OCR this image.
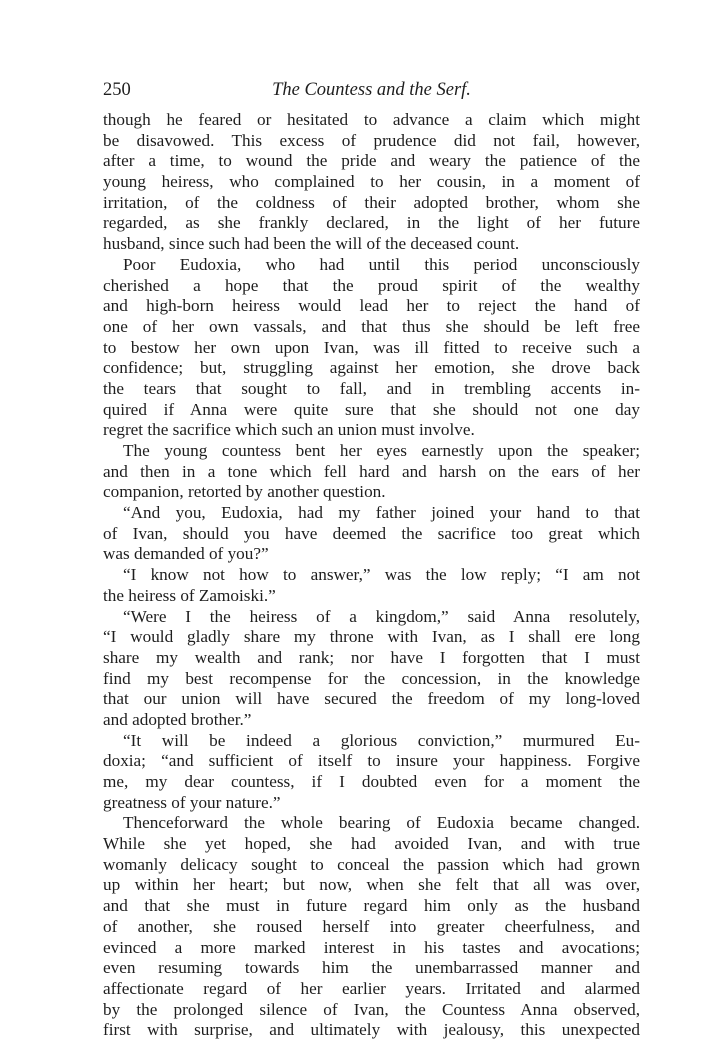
250	The Countess and the Serf.
though he feared or hesitated to advance a claim which might
be disavowed. This excess of prudence did not fail, however,
after a time, to wound the pride and weary the patience of the
young heiress, who complained to her cousin, in a moment of
irritation, of the coldness of their adopted brother, whom she
regarded, as she frankly declared, in the light of her future
husband, since such had been the will of the deceased count.
Poor Eudoxia, who had until this period unconsciously
cherished a hope that the proud spirit of the wealthy
and high-born heiress would lead her to reject the hand of
one of her own vassals, and that thus she should be left free
to bestow her own upon Ivan, was ill fitted to receive such a
confidence; but, struggling against her emotion, she drove back
the tears that sought to fall, and in trembling accents in-
quired if Anna were quite sure that she should not one day
regret the sacrifice which such an union must involve.
The young countess bent her eyes earnestly upon the speaker;
and then in a tone which fell hard and harsh on the ears of her
companion, retorted by another question.
“And you, Eudoxia, had my father joined your hand to that
of Ivan, should you have deemed the sacrifice too great which
was demanded of you?”
“I know not how to answer,” was the low reply; “I am not
the heiress of Zamoiski.”
“Were I the heiress of a kingdom,” said Anna resolutely,
“I would gladly share my throne with Ivan, as I shall ere long
share my wealth and rank; nor have I forgotten that I must
find my best recompense for the concession, in the knowledge
that our union will have secured the freedom of my long-loved
and adopted brother.”
“It will be indeed a glorious conviction,” murmured Eu-
doxia; “and sufficient of itself to insure your happiness. Forgive
me, my dear countess, if I doubted even for a moment the
greatness of your nature.”
Thenceforward the whole bearing of Eudoxia became changed.
While she yet hoped, she had avoided Ivan, and with true
womanly delicacy sought to conceal the passion which had grown
up within her heart; but now, when she felt that all was over,
and that she must in future regard him only as the husband
of another, she roused herself into greater cheerfulness, and
evinced a more marked interest in his tastes and avocations;
even resuming towards him the unembarrassed manner and
affectionate regard of her earlier years. Irritated and alarmed
by the prolonged silence of Ivan, the Countess Anna observed,
first with surprise, and ultimately with jealousy, this unexpected
